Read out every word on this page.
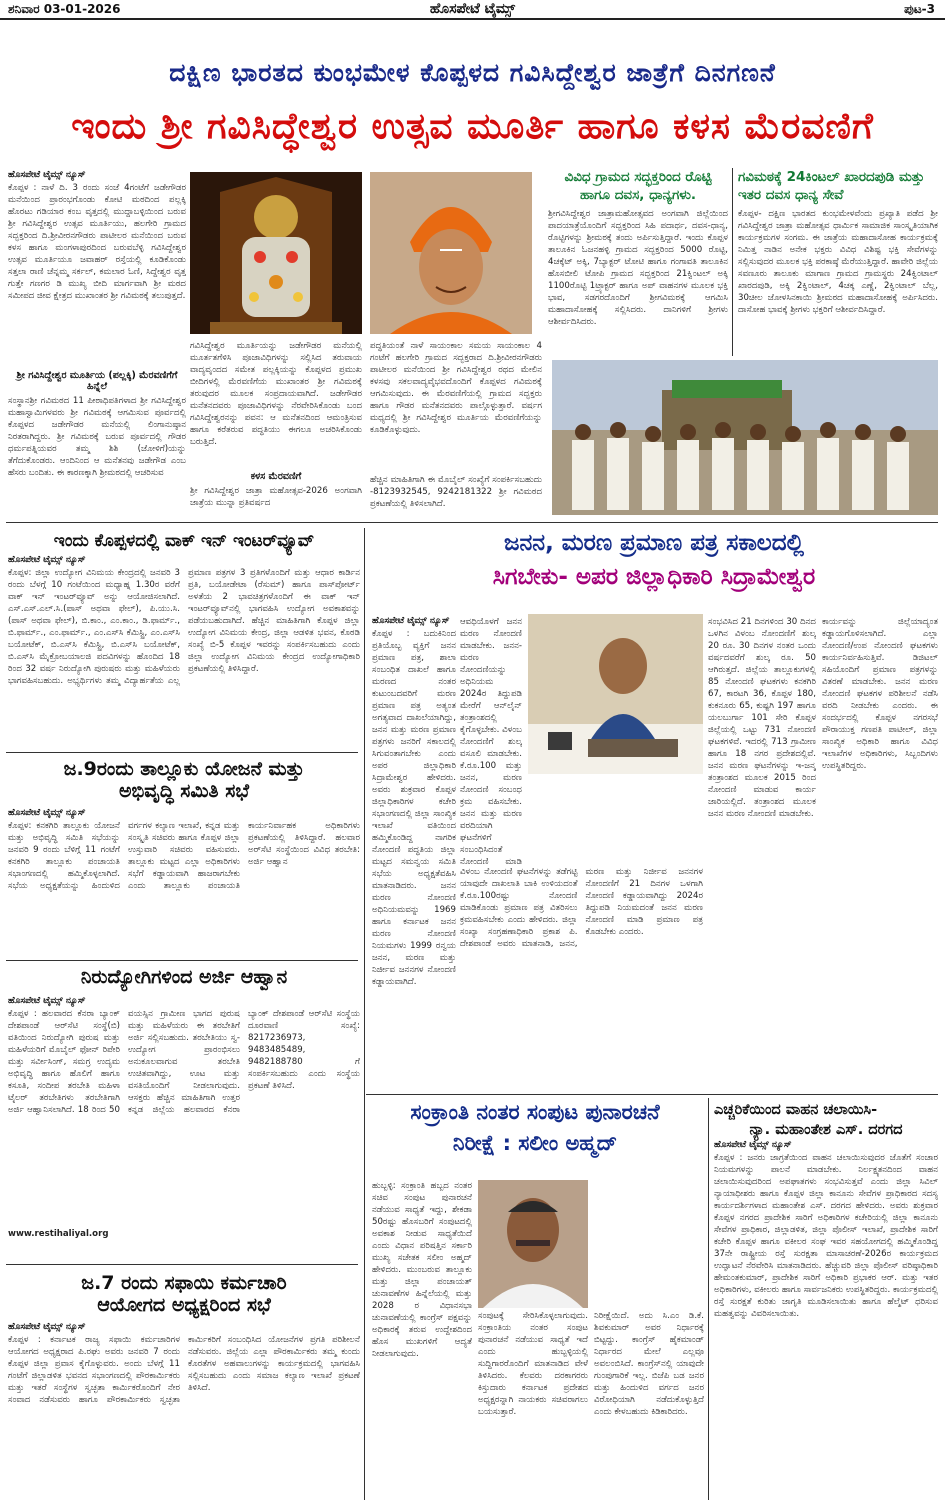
ಶನಿವಾರ 03-01-2026	ಹೊಸಪೇಟೆ ಟೈಮ್ಸ್	ಪುಟ-3
ದಕ್ಷಿಣ ಭಾರತದ ಕುಂಭಮೇಳ ಕೊಪ್ಪಳದ ಗವಿಸಿದ್ದೇಶ್ವರ ಜಾತ್ರೆಗೆ ದಿನಗಣನೆ
ಇಂದು ಶ್ರೀ ಗವಿಸಿದ್ಧೇಶ್ವರ ಉತ್ಸವ ಮೂರ್ತಿ ಹಾಗೂ ಕಳಸ ಮೆರವಣಿಗೆ
ಹೊಸಪೇಟೆ ಟೈಮ್ಸ್ ನ್ಯೂಸ್
ಕೊಪ್ಪಳ : ನಾಳೆ ದಿ. 3 ರಂದು ಸಂಜೆ 4ಗಂಟೆಗೆ ಜಡೇಗೌಡರ ಮನೆಯಿಂದ ಪ್ರಾರಂಭಗೊಂಡು ಕೋಟಿ ಮಠದಿಂದ ಪಲ್ಲಕ್ಕಿ ಹೊರಟು ಗಡಿಯಾರ ಕಂಬ ವೃತ್ತದಲ್ಲಿ ಮುದ್ದಾಬಳ್ಳಿಯಿಂದ ಬರುವ ಶ್ರೀ ಗವಿಸಿದ್ದೇಶ್ವರ ಉತ್ಸವ ಮೂರ್ತಿಯು, ಹಲಗೇರಿ ಗ್ರಾಮದ ಸದ್ಭಕ್ತರಿಂದ ದಿ.ಶ್ರೀವೀರನಗೌಡರು ಪಾಟೀಲರ ಮನೆಯಿಂದ ಬರುವ ಕಳಸ ಹಾಗೂ ಮಂಗಳಾಪುರದಿಂದ ಬರುವಬೆಳ್ಳಿ ಗವಿಸಿದ್ದೇಶ್ವರ ಉತ್ಸವ ಮೂರ್ತಿಯೂ ಜವಾಹರ್ ರಸ್ತೆಯಲ್ಲಿ ಕೂಡಿಕೊಂಡು ಸತ್ತಲಾ ರಾಣಿ ಚೆನ್ನಮ್ಮ ಸರ್ಕಲ್, ಕಮಲಾರ ಓಣಿ, ಸಿದ್ದೇಶ್ವರ ವೃತ್ತ ಗುತ್ತೇ ಗಣಗರ ಡಿ ಮುಖ್ಯ ಬೀದಿ ಮಾರ್ಗವಾಗಿ ಶ್ರೀ ಮಠದ ಸಮೀಪದ ಜೀವ ಕ್ಷೇತ್ರದ ಮುಖಾಂತರ ಶ್ರೀ ಗವಿಮಠಕ್ಕೆ ತಲುಪುತ್ತದೆ.
ಶ್ರೀ ಗವಿಸಿದ್ದೇಶ್ವರ ಮೂರ್ತಿಯ (ಪಲ್ಲಕ್ಕಿ) ಮೆರವಣಿಗೆಗೆ ಹಿನ್ನೆಲೆ
ಸಂಸ್ಥಾನಶ್ರೀ ಗವಿಮಠದ 11 ಪೀಠಾಧಿಪತಿಗಳಾದ ಶ್ರೀ ಗವಿಸಿದ್ದೇಶ್ವರ ಮಹಾಸ್ವಾಮಿಗಳವರು ಶ್ರೀ ಗವಿಮಠಕ್ಕೆ ಆಗಮಿಸುವ ಪೂರ್ವದಲ್ಲಿ ಕೊಪ್ಪಳದ ಜಡೇಗೌಡರ ಮನೆಯಲ್ಲಿ ಲಿಂಗಾನುಷ್ಠಾನ ನಿರತರಾಗಿದ್ದರು. ಶ್ರೀ ಗವಿಮಠಕ್ಕೆ ಬರುವ ಪೂರ್ವದಲ್ಲಿ ಗೌಡರ ಧರ್ಮಪತ್ನಿಯವರ ತಮ್ಮ ಶಿಶಿ (ಜೋಳಿಗೆ)ಯನ್ನು ತೆಗೆದುಕೊಂಡರು. ಆಂದಿನಿಂದ ಆ ಮನೆತನವು ಜಡೇಗೌಡ ಎಂಬ ಹೆಸರು ಬಂದಿತು. ಈ ಕಾರಣಕ್ಕಾಗಿ ಶ್ರೀಮಠದಲ್ಲಿ ಆಚರಿಸುವ
ಗವಿಸಿದ್ದೇಶ್ವರ ಮೂರ್ತಿಯನ್ನು ಜಡೇಗೌಡರ ಮನೆಯಲ್ಲಿ ಮೂರ್ತತಗೆಳಿಸಿ ಪೂಜಾವಿಧಿಗಳನ್ನು ಸಲ್ಲಿಸಿದ ತರುವಾಯ ವಾದ್ಯವೃಂದದ ಸಮೇತ ಪಲ್ಲಕ್ಕಿಯನ್ನು ಕೊಪ್ಪಳದ ಪ್ರಮುಖ ಬೀದಿಗಳಲ್ಲಿ ಮೆರವಣಿಗೆಯ ಮುಖಾಂತರ ಶ್ರೀ ಗವಿಮಠಕ್ಕೆ ತರುವುದರ ಮೂಲಕ ಸಂಪ್ರದಾಯವಾಗಿದೆ. ಜಡೇಗೌಡರ ಮನೆತನದವರು ಪೂಜಾವಿಧಿಗಳನ್ನು ನೆರವೇರಿಸಿಕೊಂಡು ಬಂದ ಗವಿಸಿದ್ದೇಶ್ವರನನ್ನು ಪವನ: ಆ ಮನೆತನದಿಂದ ಆಮಂತ್ರಿಸುವ ಹಾಗೂ ಕರೆತರುವ ಪದ್ಧತಿಯು ಈಗಲೂ ಅಚರಿಸಿಕೊಂಡು ಬರುತ್ತಿದೆ.
ಕಳಸ ಮೆರವಣಿಗೆ
ಶ್ರೀ ಗವಿಸಿದ್ದೇಶ್ವರ ಜಾತ್ರಾ ಮಹೋತ್ಸವ-2026 ಅಂಗವಾಗಿ ಜಾತ್ರೆಯ ಮುನ್ನಾ ಪ್ರತಿವರ್ಷದ
ಪದ್ಧತಿಯಂತೆ ನಾಳೆ ಸಾಯಂಕಾಲ ಸಮಯ ಸಾಯಂಕಾಲ 4 ಗಂಟೆಗೆ ಹಲಗೇರಿ ಗ್ರಾಮದ ಸದ್ಭಕ್ತರಾದ ದಿ.ಶ್ರೀವೀರನಗೌಡರು ಪಾಟೀಲರ ಮನೆಯಿಂದ ಶ್ರೀ ಗವಿಸಿದ್ದೇಶ್ವರ ರಥದ ಮೇಲಿನ ಕಳಸವು ಸಕಲವಾದ್ಯವೈಭವದೊಂದಿಗೆ ಕೊಪ್ಪಳದ ಗವಿಮಠಕ್ಕೆ ಆಗಮಿಸುವುದು. ಈ ಮೆರವಣಿಗೆಯಲ್ಲಿ ಗ್ರಾಮದ ಸದ್ಭಕ್ತರು ಹಾಗೂ ಗೌಡರ ಮನೆತನದವರು ಪಾಲ್ಗೊಳ್ಳುತ್ತಾರೆ. ವರ್ಷಗ ಮಧ್ಯದಲ್ಲಿ ಶ್ರೀ ಗವಿಸಿದ್ದೇಶ್ವರ ಮೂರ್ತಿಯ ಮೆರವಣಿಗೆಯನ್ನು ಕೂಡಿಕೊಳ್ಳುವುದು.
ಹೆಚ್ಚಿನ ಮಾಹಿತಿಗಾಗಿ ಈ ಮೊಬೈಲ್ ಸಂಖ್ಯೆಗೆ ಸಂಪರ್ಕಿಸಬಹುದು -8123932545, 9242181322 ಶ್ರೀ ಗವಿಮಠದ ಪ್ರಕಟಣೆಯಲ್ಲಿ ತಿಳಿಸಲಾಗಿದೆ.
ವಿವಿಧ ಗ್ರಾಮದ ಸದ್ಭಕ್ತರಿಂದ ರೊಟ್ಟಿ ಹಾಗೂ ದವಸ, ಧಾನ್ಯಗಳು.
ಶ್ರೀಗವಿಸಿದ್ದೇಶ್ವರ ಜಾತ್ರಾಮಹೋತ್ಸವದ ಅಂಗವಾಗಿ ಜಿಲ್ಲೆಯಿಂದ ಪಾದಯಾತ್ರೆಯೊಂದಿಗೆ ಸದ್ಭಕ್ತರಿಂದ ಸಿಹಿ ಪದಾರ್ಥ, ದವಸ-ಧಾನ್ಯ, ರೊಟ್ಟಿಗಳನ್ನು ಶ್ರೀಮಠಕ್ಕೆ ತಂದು ಅರ್ಪಿಸುತ್ತಿದ್ದಾರೆ. ಇಂದು ಕೊಪ್ಪಳ ತಾಲೂಕಿನ ಓಜನಹಳ್ಳಿ ಗ್ರಾಮದ ಸದ್ಭಕ್ತರಿಂದ 5000 ರೊಟ್ಟಿ, 4ಚಕ್ಕೆಟ್ ಅಕ್ಕಿ, 7ಬ್ಯಾಕ್ಟರ್ ಟೋಟಿ ಹಾಗೂ ಗಂಗಾವತಿ ತಾಲೂಕಿನ ಹೊಸಬೀಲಿ ಟೋಪಿ ಗ್ರಾಮದ ಸದ್ಭಕ್ತರಿಂದ 21ಕ್ವಿಂಟಲ್ ಅಕ್ಕಿ 1100ರೊಟ್ಟಿ 1ಟ್ರ್ಯಾಕ್ಟರ್ ಹಾಗೂ ಅಪ್ ವಾಹನಗಳ ಮೂಲಕ ಭಕ್ತಿ ಭಾವ, ಸಡಗರದೊಂದಿಗೆ ಶ್ರೀಗವಿಮಠಕ್ಕೆ ಆಗಮಿಸಿ ಮಹಾದಾಸೋಹಕ್ಕೆ ಸಲ್ಲಿಸಿದರು. ದಾನಿಗಳಿಗೆ ಶ್ರೀಗಳು ಆಶೀರ್ವದಿಸಿದರು.
ಗವಿಮಠಕ್ಕೆ 24ಕಿಂಟಲ್ ಖಾರದಪುಡಿ ಮತ್ತು ಇತರ ದವಸ ಧಾನ್ಯ ಸೇವೆ
ಕೊಪ್ಪಳ- ದಕ್ಷಿಣ ಭಾರತದ ಕುಂಭಮೇಳವೆಂದು ಪ್ರಖ್ಯಾತಿ ಪಡೆದ ಶ್ರೀ ಗವಿಸಿದ್ದೇಶ್ವರ ಜಾತ್ರಾ ಮಹೋತ್ಸವ ಧಾರ್ಮಿಕ ಸಾಮಾಜಿಕ ಸಾಂಸ್ಕೃತಿಯಾಗಿಕ ಕಾರ್ಯಕ್ರಮಗಳ ಸಂಗಮ. ಈ ಜಾತ್ರೆಯ ಮಹಾದಾಸೋಹ ಕಾರ್ಯಕ್ರಮಕ್ಕೆ ನಿಮಿತ್ತ ನಾಡಿನ ಅನೇಕ ಭಕ್ತರು ವಿವಿಧ ವಿಶಿಷ್ಟ ಭಕ್ತಿ ಸೇವೆಗಳನ್ನು ಸಲ್ಲಿಸುವುದರ ಮೂಲಕ ಭಕ್ತಿ ಪರಕಾಷ್ಠೆ ಮೆರೆಯುತ್ತಿದ್ದಾರೆ. ಹಾವೇರಿ ಜಿಲ್ಲೆಯ ಸವಣೂರು ತಾಲೂಕು ಮಾಗಾಣ ಗ್ರಾಮದ ಗ್ರಾಮಸ್ಥರು 24ಕ್ವಿಂಟಾಲ್ ಖಾರದಪುಡಿ, ಅಕ್ಕಿ 2ಕ್ವಿಂಟಾಲ್, 4ಚಕ್ಕ ಎಣ್ಣೆ, 2ಕ್ವಿಂಟಾಲ್ ಬೆಲ್ಲ, 30ಚೀಲ ಜೋಳಸಿನಕಾಯಿ ಶ್ರೀಮಠದ ಮಹಾದಾಸೋಹಕ್ಕೆ ಅರ್ಪಿಸಿದರು. ದಾಸೋಹ ಭಾವಕ್ಕೆ ಶ್ರೀಗಳು ಭಕ್ತರಿಗೆ ಆಶೀರ್ವದಿಸಿದ್ದಾರೆ.
ಇಂದು ಕೊಪ್ಪಳದಲ್ಲಿ ವಾಕ್ ಇನ್ ಇಂಟರ್‌ವ್ಯೂವ್
ಹೊಸಪೇಟೆ ಟೈಮ್ಸ್ ನ್ಯೂಸ್
ಕೊಪ್ಪಳ: ಜಿಲ್ಲಾ ಉದ್ಯೋಗ ವಿನಿಮಯ ಕೇಂದ್ರದಲ್ಲಿ ಜನವರಿ 3 ರಂದು ಬೆಳಗ್ಗೆ 10 ಗಂಟೆಯಿಂದ ಮಧ್ಯಾಹ್ನ 1.30ರ ವರೆಗೆ ವಾಕ್ ಇನ್ ಇಂಟರ್‌ವ್ಯೂವ್ ಅನ್ನು ಆಯೋಜಿಸಲಾಗಿದೆ. ಎಸ್.ಎಸ್.ಎಲ್.ಸಿ.(ಪಾಸ್ ಅಥವಾ ಫೇಲ್), ಪಿ.ಯು.ಸಿ.(ಪಾಸ್ ಅಥವಾ ಫೇಲ್), ಬಿ.ಕಾಂ., ಎಂ.ಕಾಂ., ಡಿ.ಫಾರ್ಮ್., ಬಿ.ಫಾರ್ಮ್., ಎಂ.ಫಾರ್ಮ್., ಎಂ.ಎಸ್‌ಸಿ ಕೆಮಿಸ್ಟ್ರಿ, ಎಂ.ಎಸ್‌ಸಿ ಬಯೋಟೆಕ್, ಬಿ.ಎಸ್‌ಸಿ ಕೆಮಿಸ್ಟ್ರಿ, ಬಿ.ಎಸ್‌ಸಿ ಬಯೋಟೆಕ್, ಬಿ.ಎಸ್‌ಸಿ ಮೈಕ್ರೋಬಯಾಲಜಿ ಪದವಿಗಳನ್ನು ಹೊಂದಿದ 18 ರಿಂದ 32 ವರ್ಷ ನಿರುದ್ಯೋಗಿ ಪುರುಷರು ಮತ್ತು ಮಹಿಳೆಯರು ಭಾಗವಹಿಸಬಹುದು. ಅಭ್ಯರ್ಥಿಗಳು ತಮ್ಮ ವಿದ್ಯಾರ್ಹತೆಯ ಎಲ್ಲ ಪ್ರಮಾಣ ಪತ್ರಗಳ 3 ಪ್ರತಿಗಳೊಂದಿಗೆ ಮತ್ತು ಆಧಾರ ಕಾರ್ಡಿನ ಪ್ರತಿ, ಬಯೋಡೇಟಾ (ರೆಸುಮ್) ಹಾಗೂ ಪಾಸ್‌ಪೋರ್ಟ್ ಅಳತೆಯ 2 ಭಾವಚಿತ್ರಗಳೊಂದಿಗೆ ಈ ವಾಕ್ ಇನ್ ಇಂಟರ್‌ವ್ಯೂವ್‌ನಲ್ಲಿ ಭಾಗವಹಿಸಿ ಉದ್ಯೋಗ ಅವಕಾಶವನ್ನು ಪಡೆಯಬಹುದಾಗಿದೆ. ಹೆಚ್ಚಿನ ಮಾಹಿತಿಗಾಗಿ ಕೊಪ್ಪಳ ಜಿಲ್ಲಾ ಉದ್ಯೋಗ ವಿನಿಮಯ ಕೇಂದ್ರ, ಜಿಲ್ಲಾ ಆಡಳಿತ ಭವನ, ಕೊಠಡಿ ಸಂಖ್ಯೆ ಬಿ-5 ಕೊಪ್ಪಳ ಇವರನ್ನು ಸಂಪರ್ಕಿಸಬಹುದು ಎಂದು ಜಿಲ್ಲಾ ಉದ್ಯೋಗ ವಿನಿಮಯ ಕೇಂದ್ರದ ಉದ್ಯೋಗಾಧಿಕಾರಿ ಪ್ರಕಟಣೆಯಲ್ಲಿ ತಿಳಿಸಿದ್ದಾರೆ.
ಜ.9ರಂದು ತಾಲ್ಲೂಕು ಯೋಜನೆ ಮತ್ತು
ಅಭಿವೃದ್ಧಿ ಸಮಿತಿ ಸಭೆ
ಹೊಸಪೇಟೆ ಟೈಮ್ಸ್ ನ್ಯೂಸ್
ಕೊಪ್ಪಳ: ಕನಕಗಿರಿ ತಾಲ್ಲೂಕು ಯೋಜನೆ ಮತ್ತು ಅಭಿವೃದ್ಧಿ ಸಮಿತಿ ಸಭೆಯನ್ನು ಜನವರಿ 9 ರಂದು ಬೆಳಿಗ್ಗೆ 11 ಗಂಟೆಗೆ ಕನಕಗಿರಿ ತಾಲ್ಲೂಕು ಪಂಚಾಯತಿ ಸಭಾಂಗಣದಲ್ಲಿ ಹಮ್ಮಿಕೊಳ್ಳಲಾಗಿದೆ. ಸಭೆಯ ಅಧ್ಯಕ್ಷತೆಯನ್ನು ಹಿಂದುಳಿದ ವರ್ಗಗಳ ಕಲ್ಯಾಣ ಇಲಾಖೆ, ಕನ್ನಡ ಮತ್ತು ಸಂಸ್ಕೃತಿ ಸಚಿವರು ಹಾಗೂ ಕೊಪ್ಪಳ ಜಿಲ್ಲಾ ಉಸ್ತುವಾರಿ ಸಚಿವರು ವಹಿಸುವರು. ತಾಲ್ಲೂಕು ಮಟ್ಟದ ಎಲ್ಲಾ ಅಧಿಕಾರಿಗಳು ಸಭೆಗೆ ಕಡ್ಡಾಯವಾಗಿ ಹಾಜರಾಗಬೇಕು ಎಂದು ತಾಲ್ಲೂಕು ಪಂಚಾಯತಿ ಕಾರ್ಯನಿರ್ವಾಹಕ ಅಧಿಕಾರಿಗಳು ಪ್ರಕಟಣೆಯಲ್ಲಿ ತಿಳಿಸಿದ್ದಾರೆ. ಹಲವಾರ ಅರ್‌ಸೆಟಿ ಸಂಸ್ಥೆಯಿಂದ ವಿವಿಧ ತರಬೇತಿ: ಅರ್ಜಿ ಆಹ್ವಾನ
ನಿರುದ್ಯೋಗಿಗಳಿಂದ ಅರ್ಜಿ ಆಹ್ವಾನ
ಹೊಸಪೇಟೆ ಟೈಮ್ಸ್ ನ್ಯೂಸ್
ಕೊಪ್ಪಳ : ಹಲವಾರದ ಕೆನರಾ ಬ್ಯಾಂಕ್ ದೇಶಪಾಂಡೆ ಆರ್‌ಸೆಟಿ ಸಂಸ್ಥೆ(ಬಿ) ವತಿಯಿಂದ ನಿರುದ್ಯೋಗಿ ಪುರುಷ ಮತ್ತು ಮಹಿಳೆಯರಿಗೆ ಮೊಬೈಲ್ ಫೋನ್ ರಿಪೇರಿ ಮತ್ತು ಸರ್ವೀಸಿಂಗ್, ಸಮಗ್ರ ಉದ್ಯಮ ಅಭಿವೃದ್ಧಿ ಹಾಗೂ ಹೊಲಿಗೆ ಹಾಗೂ ಕಸೂತಿ, ಸಂದೀಪ ತರಬೇತಿ ಮಹಿಳಾ ಟೈಲರ್ ತರಬೇತಿಗಳು ತರಬೇತಿಗಾಗಿ ಅರ್ಜಿ ಆಹ್ವಾನಿಸಲಾಗಿದೆ. 18 ರಿಂದ 50 ವಯಸ್ಸಿನ ಗ್ರಾಮೀಣ ಭಾಗದ ಪುರುಷ ಮತ್ತು ಮಹಿಳೆಯರು ಈ ತರಬೇತಿಗೆ ಅರ್ಜಿ ಸಲ್ಲಿಸಬಹುದು. ತರಬೇತಿಯು ಸ್ವ-ಉದ್ಯೋಗ ಪ್ರಾರಂಭಿಸಲು ಅನುಕೂಲವಾಗುವ ತರಬೇತಿ ಉಚಿತವಾಗಿದ್ದು, ಊಟ ಮತ್ತು ವಸತಿಯೊಂದಿಗೆ ನೀಡಲಾಗುವುದು. ಆಸಕ್ತರು ಹೆಚ್ಚಿನ ಮಾಹಿತಿಗಾಗಿ ಉತ್ತರ ಕನ್ನಡ ಜಿಲ್ಲೆಯ ಹಲವಾರದ ಕೆನರಾ ಬ್ಯಾಂಕ್ ದೇಶಪಾಂಡೆ ಆರ್‌ಸೆಟಿ ಸಂಸ್ಥೆಯ ದೂರವಾಣಿ ಸಂಖ್ಯೆ: 8217236973, 9483485489, 9482188780 ಗೆ ಸಂಪರ್ಕಿಸಬಹುದು ಎಂದು ಸಂಸ್ಥೆಯ ಪ್ರಕಟಣೆ ತಿಳಿಸಿದೆ.
www.restihaliyal.org
ಜ.7 ರಂದು ಸಫಾಯಿ ಕರ್ಮಚಾರಿ
ಆಯೋಗದ ಅಧ್ಯಕ್ಷರಿಂದ ಸಭೆ
ಹೊಸಪೇಟೆ ಟೈಮ್ಸ್ ನ್ಯೂಸ್
ಕೊಪ್ಪಳ : ಕರ್ನಾಟಕ ರಾಜ್ಯ ಸಫಾಯಿ ಕರ್ಮಚಾರಿಗಳ ಆಯೋಗದ ಅಧ್ಯಕ್ಷರಾದ ಪಿ.ರಘು ಅವರು ಜನವರಿ 7 ರಂದು ಕೊಪ್ಪಳ ಜಿಲ್ಲಾ ಪ್ರವಾಸ ಕೈಗೊಳ್ಳುವರು. ಅಂದು ಬೆಳಗ್ಗೆ 11 ಗಂಟೆಗೆ ಜಿಲ್ಲಾಡಳಿತ ಭವನದ ಸಭಾಂಗಣದಲ್ಲಿ ಪೌರಕಾರ್ಮಿಕರು ಮತ್ತು ಇತರೆ ಸಂಸ್ಥೆಗಳ ಸ್ವಚ್ಛತಾ ಕಾರ್ಮಿಕರೊಂದಿಗೆ ನೇರ ಸಂವಾದ ನಡೆಸುವರು ಹಾಗೂ ಪೌರಕಾರ್ಮಿಕರು ಸ್ವಚ್ಛತಾ ಕಾರ್ಮಿಕರಿಗೆ ಸಂಬಂಧಿಸಿದ ಯೋಜನೆಗಳ ಪ್ರಗತಿ ಪರಿಶೀಲನೆ ನಡೆಸುವರು. ಜಿಲ್ಲೆಯ ಎಲ್ಲಾ ಪೌರಕಾರ್ಮಿಕರು ತಮ್ಮ ಕುಂದು ಕೊರತೆಗಳ ಅಹವಾಲುಗಳನ್ನು ಕಾರ್ಯಕ್ರಮದಲ್ಲಿ ಭಾಗವಹಿಸಿ ಸಲ್ಲಿಸಬಹುದು ಎಂದು ಸಮಾಜ ಕಲ್ಯಾಣ ಇಲಾಖೆ ಪ್ರಕಟಣೆ ತಿಳಿಸಿದೆ.
ಜನನ, ಮರಣ ಪ್ರಮಾಣ ಪತ್ರ ಸಕಾಲದಲ್ಲಿ
ಸಿಗಬೇಕು- ಅಪರ ಜಿಲ್ಲಾಧಿಕಾರಿ ಸಿದ್ರಾಮೇಶ್ವರ
ಹೊಸಪೇಟೆ ಟೈಮ್ಸ್ ನ್ಯೂಸ್
ಕೊಪ್ಪಳ : ಬದುಕಿನಿಂದ ಪ್ರತಿಯೊಬ್ಬ ವ್ಯಕ್ತಿಗೆ ಜನನ ಪ್ರಮಾಣ ಪತ್ರ, ಶಾಲಾ ಸಂಬಂಧಿತ ದಾಖಲೆ ಹಾಗೂ ಮರಣದ ನಂತರ ಕುಟುಂಬದವರಿಗೆ ಮರಣ ಪ್ರಮಾಣ ಪತ್ರ ಅತ್ಯಂತ ಅಗತ್ಯವಾದ ದಾಖಲೆಯಾಗಿದ್ದು, ಜನನ ಮತ್ತು ಮರಣ ಪ್ರಮಾಣ ಪತ್ರಗಳು ಜನರಿಗೆ ಸಕಾಲದಲ್ಲಿ ಸಿಗುವಂತಾಗಬೇಕು ಎಂದು ಅಪರ ಜಿಲ್ಲಾಧಿಕಾರಿ ಸಿದ್ರಾಮೇಶ್ವರ ಹೇಳಿದರು. ಅವರು ಶುಕ್ರವಾರ ಕೊಪ್ಪಳ ಜಿಲ್ಲಾಧಿಕಾರಿಗಳ ಕಚೇರಿ ಸಭಾಂಗಣದಲ್ಲಿ ಜಿಲ್ಲಾ ಸಾಂಖ್ಯಿಕ ಇಲಾಖೆ ವತಿಯಿಂದ ಹಮ್ಮಿಕೊಂಡಿದ್ದ ನಾಗರಿಕ ನೋಂದಣಿ ಪದ್ಧತಿಯ ಜಿಲ್ಲಾ ಮಟ್ಟದ ಸಮನ್ವಯ ಸಮಿತಿ ಸಭೆಯ ಅಧ್ಯಕ್ಷತೆವಹಿಸಿ ಮಾತನಾಡಿದರು. ಜನನ ಮರಣ ನೋಂದಣಿ ಅಧಿನಿಯಮವನ್ನು 1969 ಹಾಗೂ ಕರ್ನಾಟಕ ಜನನ ಮರಣ ನೋಂದಣಿ ನಿಯಮಗಳು 1999 ರನ್ವಯ ಜನನ, ಮರಣ ಮತ್ತು ನಿರ್ಜೀವ ಜನನಗಳ ನೋಂದಣಿ ಕಡ್ಡಾಯವಾಗಿದೆ.
ಆವಧಿಯೊಳಗೆ ಜನನ ಮರಣ ನೋಂದಣಿ ಮಾಡಬೇಕು. ಜನನ-ಮರಣ ನೋಂದಣಿಯನ್ನು ಅಧಿನಿಯಮ 2024ರ ತಿದ್ದುಪಡಿ ಮೇರೆಗೆ ಆನ್‌ಲೈನ್ ತಂತ್ರಾಂಶದಲ್ಲಿ ಕೈಗೊಳ್ಳಬೇಕು. ವಿಳಂಬ ನೋಂದಣಿಗೆ ಶುಲ್ಕ ವಸೂಲಿ ಮಾಡಬೇಕು. ಕೆ.ರೂ.100 ಮತ್ತು ಜನನ, ಮರಣ ನೋಂದಣಿ ಸಂಬಂಧ ಕ್ರಮ ವಹಿಸಬೇಕು. ಜನನ ಮತ್ತು ಮರಣ ವರದಿಯಾಗಿ ಘಟನೆಗಳಿಗೆ ಸಂಬಂಧಿಸಿದಂತೆ ನೋಂದಣಿ ಮಾಡಿ
ವಿಳಂಬ ನೋಂದಣಿ ಘಟನೆಗಳನ್ನು ತಡೆಗಟ್ಟಿ ಯಾವುದೇ ದಾಖಲಾತಿ ಬಾಕಿ ಉಳಿಯದಂತೆ ಕೆ.ರೂ.100ರಷ್ಟು ನೋಂದಣಿ ಮಾಡಿಕೊಂಡು ಪ್ರಮಾಣ ಪತ್ರ ವಿತರಿಸಲು ಕ್ರಮವಹಿಸಬೇಕು ಎಂದು ಹೇಳಿದರು. ಜಿಲ್ಲಾ ಸಂಖ್ಯಾ ಸಂಗ್ರಹಣಾಧಿಕಾರಿ ಪ್ರಕಾಶ ಪಿ. ದೇಶಪಾಂಡೆ ಅವರು ಮಾತನಾಡಿ, ಜನನ, ಮರಣ ಮತ್ತು ನಿರ್ಜೀವ ಜನನಗಳ ನೋಂದಣಿಗೆ 21 ದಿನಗಳ ಒಳಗಾಗಿ ನೋಂದಣಿ ಕಡ್ಡಾಯವಾಗಿದ್ದು 2024ರ ತಿದ್ದುಪಡಿ ನಿಯಮದಂತೆ ಜನನ ಮರಣ ನೋಂದಣಿ ಮಾಡಿ ಪ್ರಮಾಣ ಪತ್ರ ಕೊಡಬೇಕು ಎಂದರು.
ಸಂಭವಿಸಿದ 21 ದಿನಗಳಿಂದ 30 ದಿನದ ಒಳಗಿನ ವಿಳಂಬ ನೋಂದಣಿಗೆ ಶುಲ್ಕ 20 ರೂ. 30 ದಿನಗಳ ನಂತರ ಒಂದು ವರ್ಷದವರೆಗೆ ಶುಲ್ಕ ರೂ. 50 ಆಗಿರುತ್ತದೆ. ಜಿಲ್ಲೆಯ ತಾಲ್ಲೂಕುಗಳಲ್ಲಿ 85 ನೋಂದಣಿ ಘಟಕಗಳು ಕನಕಗಿರಿ 67, ಕಾರಟಗಿ 36, ಕೊಪ್ಪಳ 180, ಕುಕನೂರು 65, ಕುಷ್ಟಗಿ 197 ಹಾಗೂ ಯಲಬುರ್ಗಾ 101 ಸೇರಿ ಕೊಪ್ಪಳ ಜಿಲ್ಲೆಯಲ್ಲಿ ಒಟ್ಟು 731 ನೋಂದಣಿ ಘಟಕಗಳಿವೆ. ಇದರಲ್ಲಿ 713 ಗ್ರಾಮೀಣ ಹಾಗೂ 18 ನಗರ ಪ್ರದೇಶದಲ್ಲಿವೆ. ಜನನ ಮರಣ ಘಟನೆಗಳನ್ನು ಇ-ಜನ್ಮ ತಂತ್ರಾಂಶದ ಮೂಲಕ 2015 ರಿಂದ ನೋಂದಣಿ ಮಾಡುವ ಕಾರ್ಯ ಜಾರಿಯಲ್ಲಿದೆ. ತಂತ್ರಾಂಶದ ಮೂಲಕ ಜನನ ಮರಣ ನೋಂದಣಿ ಮಾಡಬೇಕು.
ಕಾರ್ಯವನ್ನು ಜಿಲ್ಲೆಯಾದ್ಯಂತ ಕಡ್ಡಾಯಗೊಳಿಸಲಾಗಿದೆ. ಎಲ್ಲಾ ನೋಂದಣಿ/ಉಪ ನೋಂದಣಿ ಘಟಕಗಳು ಕಾರ್ಯನಿರ್ವಹಿಸುತ್ತಿವೆ. ಡಿಜಿಟಲ್ ಸಹಿಯೊಂದಿಗೆ ಪ್ರಮಾಣ ಪತ್ರಗಳನ್ನು ವಿತರಣೆ ಮಾಡಬೇಕು. ಜನನ ಮರಣ ನೋಂದಣಿ ಘಟಕಗಳ ಪರಿಶೀಲನೆ ನಡೆಸಿ ವರದಿ ನೀಡಬೇಕು ಎಂದರು. ಈ ಸಂದರ್ಭದಲ್ಲಿ ಕೊಪ್ಪಳ ನಗರಸಭೆ ಪೌರಾಯುಕ್ತ ಗಣಪತಿ ಪಾಟೀಲ್, ಜಿಲ್ಲಾ ಸಾಂಖ್ಯಿಕ ಅಧಿಕಾರಿ ಹಾಗೂ ವಿವಿಧ ಇಲಾಖೆಗಳ ಅಧಿಕಾರಿಗಳು, ಸಿಬ್ಬಂದಿಗಳು ಉಪಸ್ಥಿತರಿದ್ದರು.
ಸಂಕ್ರಾಂತಿ ನಂತರ ಸಂಪುಟ ಪುನಾರಚನೆ
ನಿರೀಕ್ಷೆ : ಸಲೀಂ ಅಹ್ಮದ್
ಹುಬ್ಬಳ್ಳಿ: ಸಂಕ್ರಾಂತಿ ಹಬ್ಬದ ನಂತರ ಸಚಿವ ಸಂಪುಟ ಪುನಾರಚನೆ ನಡೆಯುವ ಸಾಧ್ಯತೆ ಇದ್ದು, ಶೇಕಡಾ 50ರಷ್ಟು ಹೊಸಬರಿಗೆ ಸಂಪುಟದಲ್ಲಿ ಅವಕಾಶ ನೀಡುವ ಸಾಧ್ಯತೆಯಿದೆ ಎಂದು ವಿಧಾನ ಪರಿಷತ್ತಿನ ಸರ್ಕಾರಿ ಮುಖ್ಯ ಸಚೇತಕ ಸಲೀಂ ಅಹ್ಮದ್ ಹೇಳಿದರು. ಮುಂಬರುವ ತಾಲ್ಲೂಕು ಮತ್ತು ಜಿಲ್ಲಾ ಪಂಚಾಯತ್ ಚುನಾವಣೆಗಳ ಹಿನ್ನೆಲೆಯಲ್ಲಿ ಮತ್ತು 2028 ರ ವಿಧಾನಸಭಾ ಚುನಾವಣೆಯಲ್ಲಿ ಕಾಂಗ್ರೆಸ್ ಪಕ್ಷವನ್ನು ಅಧಿಕಾರಕ್ಕೆ ತರುವ ಉದ್ದೇಶದಿಂದ ಹೊಸ ಮುಖಗಳಿಗೆ ಆದ್ಯತೆ ನೀಡಲಾಗುವುದು.
ಸಂಪುಟಕ್ಕೆ ಸೇರಿಸಿಕೊಳ್ಳಲಾಗುವುದು. ಸಂಕ್ರಾಂತಿಯ ನಂತರ ಸಂಪುಟ ಪುನಾರಚನೆ ನಡೆಯುವ ಸಾಧ್ಯತೆ ಇದೆ ಎಂದು ಹುಬ್ಬಳ್ಳಿಯಲ್ಲಿ ಸುದ್ದಿಗಾರರೊಂದಿಗೆ ಮಾತನಾಡಿದ ವೇಳೆ ತಿಳಿಸಿದರು. ಕೆಲವರು ದರಕಾಗರರು ಕಿಸ್ತುದಾರು ಕರ್ನಾಟಕ ಪ್ರದೇಶದ ಅಧ್ಯಕ್ಷರನ್ನಾಗಿ ನಾಯಕರು ಸಚಿವರಾಗಲು ಬಯಸುತ್ತಾರೆ.
ನಿರೀಕ್ಷೆಯಿದೆ. ಅದು ಸಿ.ಎಂ ಡಿ.ಕೆ. ಶಿವಕುಮಾರ್ ಅವರ ನಿರ್ಧಾರಕ್ಕೆ ಬಿಟ್ಟದ್ದು. ಕಾಂಗ್ರೆಸ್ ಹೈಕಮಾಂಡ್ ನಿರ್ಧಾರದ ಮೇಲೆ ಎಲ್ಲವೂ ಅವಲಂಬಿಸಿದೆ. ಕಾಂಗ್ರೆಸ್‌ನಲ್ಲಿ ಯಾವುದೇ ಗುಂಪುಗಾರಿಕೆ ಇಲ್ಲ. ಬಿಜೆಪಿ ಬಡ ಜನರ ಮತ್ತು ಹಿಂದುಳಿದ ವರ್ಗದ ಜನರ ವಿರೋಧಿಯಾಗಿ ನಡೆದುಕೊಳ್ಳುತ್ತಿದೆ ಎಂದು ಕೇಳಬಹುದು ಕಿಡಿಕಾರಿದರು.
ಎಚ್ಚರಿಕೆಯಿಂದ ವಾಹನ ಚಲಾಯಿಸಿ-
ನ್ಯಾ. ಮಹಾಂತೇಶ ಎಸ್. ದರಗದ
ಹೊಸಪೇಟೆ ಟೈಮ್ಸ್ ನ್ಯೂಸ್
ಕೊಪ್ಪಳ : ಜನರು ಜಾಗ್ರತೆಯಿಂದ ವಾಹನ ಚಲಾಯಿಸುವುದರ ಜೊತೆಗೆ ಸಂಚಾರ ನಿಯಮಗಳನ್ನು ಪಾಲನೆ ಮಾಡಬೇಕು. ನಿರ್ಲಕ್ಷ್ಯತನದಿಂದ ವಾಹನ ಚಲಾಯಿಸುವುದರಿಂದ ಅಪಘಾತಗಳು ಸಂಭವಿಸುತ್ತವೆ ಎಂದು ಜಿಲ್ಲಾ ಸಿವಿಲ್ ನ್ಯಾಯಾಧೀಶರು ಹಾಗೂ ಕೊಪ್ಪಳ ಜಿಲ್ಲಾ ಕಾನೂನು ಸೇವೆಗಳ ಪ್ರಾಧಿಕಾರದ ಸದಸ್ಯ ಕಾರ್ಯದರ್ಶಿಗಳಾದ ಮಹಾಂತೇಶ ಎಸ್. ದರಗದ ಹೇಳಿದರು. ಅವರು ಶುಕ್ರವಾರ ಕೊಪ್ಪಳ ನಗರದ ಪ್ರಾದೇಶಿಕ ಸಾರಿಗೆ ಅಧಿಕಾರಿಗಳ ಕಚೇರಿಯಲ್ಲಿ ಜಿಲ್ಲಾ ಕಾನೂನು ಸೇವೆಗಳ ಪ್ರಾಧಿಕಾರ, ಜಿಲ್ಲಾಡಳಿತ, ಜಿಲ್ಲಾ ಪೊಲೀಸ್ ಇಲಾಖೆ, ಪ್ರಾದೇಶಿಕ ಸಾರಿಗೆ ಕಚೇರಿ ಕೊಪ್ಪಳ ಹಾಗೂ ವಕೀಲರ ಸಂಘ ಇವರ ಸಹಯೋಗದಲ್ಲಿ ಹಮ್ಮಿಕೊಂಡಿದ್ದ 37ನೇ ರಾಷ್ಟ್ರೀಯ ರಸ್ತೆ ಸುರಕ್ಷತಾ ಮಾಸಾಚರಣೆ-2026ರ ಕಾರ್ಯಕ್ರಮದ ಉದ್ಘಾಟನೆ ನೆರವೇರಿಸಿ ಮಾತನಾಡಿದರು. ಹೆಚ್ಚುವರಿ ಜಿಲ್ಲಾ ಪೊಲೀಸ್ ವರಿಷ್ಠಾಧಿಕಾರಿ ಹೇಮಂತಕುಮಾರ್, ಪ್ರಾದೇಶಿಕ ಸಾರಿಗೆ ಅಧಿಕಾರಿ ಪ್ರಭಾಕರ ಆರ್. ಮತ್ತು ಇತರ ಅಧಿಕಾರಿಗಳು, ವಕೀಲರು ಹಾಗೂ ಸಾರ್ವಜನಿಕರು ಉಪಸ್ಥಿತರಿದ್ದರು. ಕಾರ್ಯಕ್ರಮದಲ್ಲಿ ರಸ್ತೆ ಸುರಕ್ಷತೆ ಕುರಿತು ಜಾಗೃತಿ ಮೂಡಿಸಲಾಯಿತು ಹಾಗೂ ಹೆಲ್ಮೆಟ್ ಧರಿಸುವ ಮಹತ್ವವನ್ನು ವಿವರಿಸಲಾಯಿತು.
